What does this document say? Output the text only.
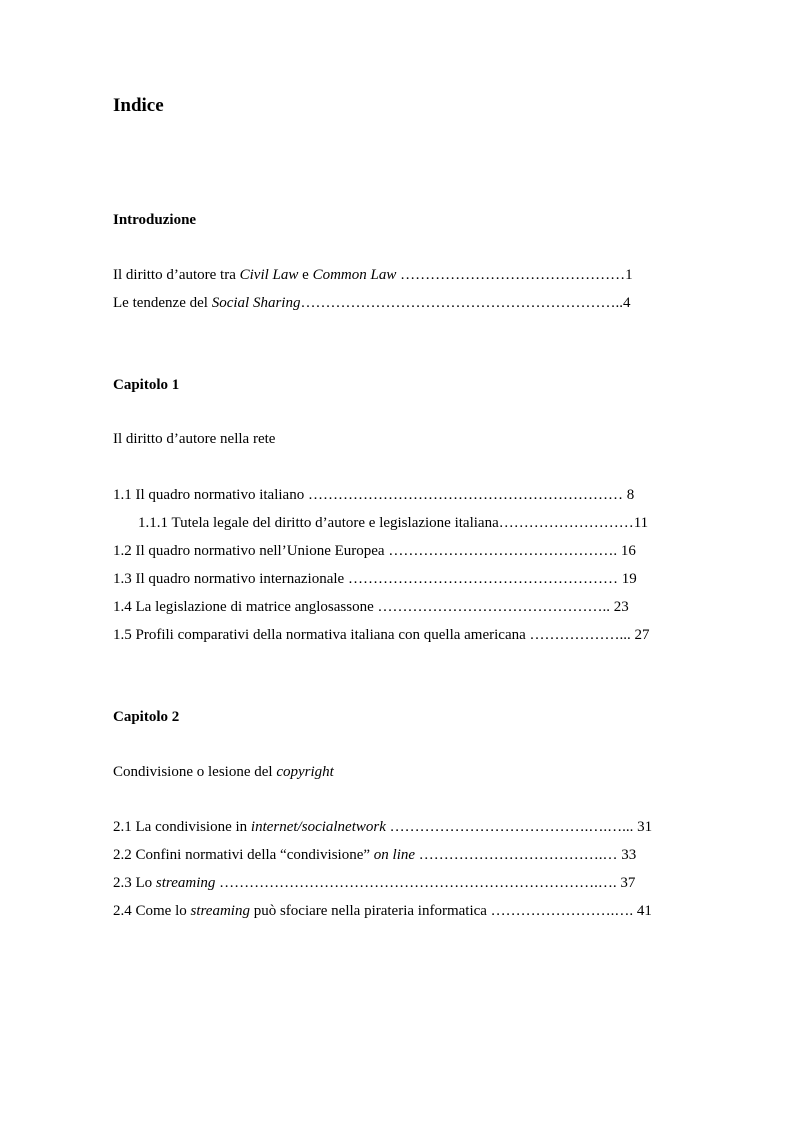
Indice
Introduzione
Il diritto d’autore tra Civil Law e Common Law ………………………………………1
Le tendenze del Social Sharing………………………………………………………..4
Capitolo 1
Il diritto d’autore nella rete
1.1 Il quadro normativo italiano ……………………………………………………… 8
1.1.1 Tutela legale del diritto d’autore e legislazione italiana………………………11
1.2 Il quadro normativo nell’Unione Europea ………………………………………. 16
1.3 Il quadro normativo internazionale ……………………………………………… 19
1.4 La legislazione di matrice anglosassone ……………………………………….. 23
1.5 Profili comparativi della normativa italiana con quella americana ………………... 27
Capitolo 2
Condivisione o lesione del copyright
2.1 La condivisione in internet/socialnetwork ………………………………….….…... 31
2.2 Confini normativi della “condivisione” on line ……………………………….… 33
2.3 Lo streaming ………………………………………………………………….…. 37
2.4 Come lo streaming può sfociare nella pirateria informatica …………………….…. 41
